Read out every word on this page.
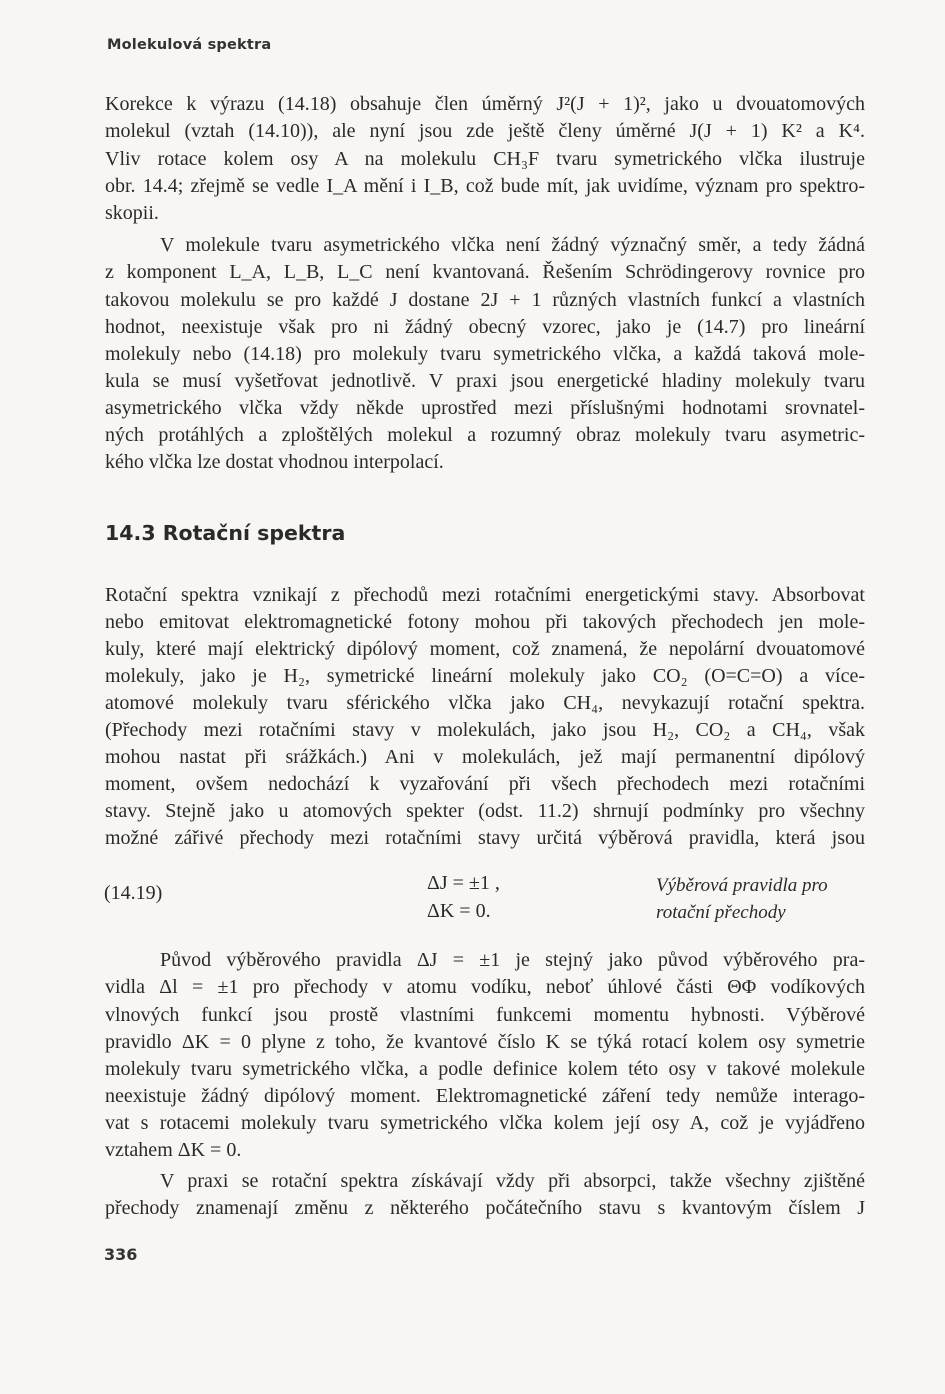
Molekulová spektra
Korekce k výrazu (14.18) obsahuje člen úměrný J²(J + 1)², jako u dvouatomových
molekul (vztah (14.10)), ale nyní jsou zde ještě členy úměrné J(J + 1) K² a K⁴.
Vliv rotace kolem osy A na molekulu CH₃F tvaru symetrického vlčka ilustruje
obr. 14.4; zřejmě se vedle I_A mění i I_B, což bude mít, jak uvidíme, význam pro spektro-
skopii.
V molekule tvaru asymetrického vlčka není žádný význačný směr, a tedy žádná
z komponent L_A, L_B, L_C není kvantovaná. Řešením Schrödingerovy rovnice pro
takovou molekulu se pro každé J dostane 2J + 1 různých vlastních funkcí a vlastních
hodnot, neexistuje však pro ni žádný obecný vzorec, jako je (14.7) pro lineární
molekuly nebo (14.18) pro molekuly tvaru symetrického vlčka, a každá taková mole-
kula se musí vyšetřovat jednotlivě. V praxi jsou energetické hladiny molekuly tvaru
asymetrického vlčka vždy někde uprostřed mezi příslušnými hodnotami srovnatel-
ných protáhlých a zploštělých molekul a rozumný obraz molekuly tvaru asymetric-
kého vlčka lze dostat vhodnou interpolací.
14.3 Rotační spektra
Rotační spektra vznikají z přechodů mezi rotačními energetickými stavy. Absorbovat
nebo emitovat elektromagnetické fotony mohou při takových přechodech jen mole-
kuly, které mají elektrický dipólový moment, což znamená, že nepolární dvouatomové
molekuly, jako je H₂, symetrické lineární molekuly jako CO₂ (O=C=O) a více-
atomové molekuly tvaru sférického vlčka jako CH₄, nevykazují rotační spektra.
(Přechody mezi rotačními stavy v molekulách, jako jsou H₂, CO₂ a CH₄, však
mohou nastat při srážkách.) Ani v molekulách, jež mají permanentní dipólový
moment, ovšem nedochází k vyzařování při všech přechodech mezi rotačními
stavy. Stejně jako u atomových spekter (odst. 11.2) shrnují podmínky pro všechny
možné zářivé přechody mezi rotačními stavy určitá výběrová pravidla, která jsou
(14.19)	ΔJ = ±1 ,
ΔK = 0.
Výběrová pravidla pro
rotační přechody
Původ výběrového pravidla ΔJ = ±1 je stejný jako původ výběrového pra-
vidla Δl = ±1 pro přechody v atomu vodíku, neboť úhlové části ΘΦ vodíkových
vlnových funkcí jsou prostě vlastními funkcemi momentu hybnosti. Výběrové
pravidlo ΔK = 0 plyne z toho, že kvantové číslo K se týká rotací kolem osy symetrie
molekuly tvaru symetrického vlčka, a podle definice kolem této osy v takové molekule
neexistuje žádný dipólový moment. Elektromagnetické záření tedy nemůže interago-
vat s rotacemi molekuly tvaru symetrického vlčka kolem její osy A, což je vyjádřeno
vztahem ΔK = 0.
V praxi se rotační spektra získávají vždy při absorpci, takže všechny zjištěné
přechody znamenají změnu z některého počátečního stavu s kvantovým číslem J
336
